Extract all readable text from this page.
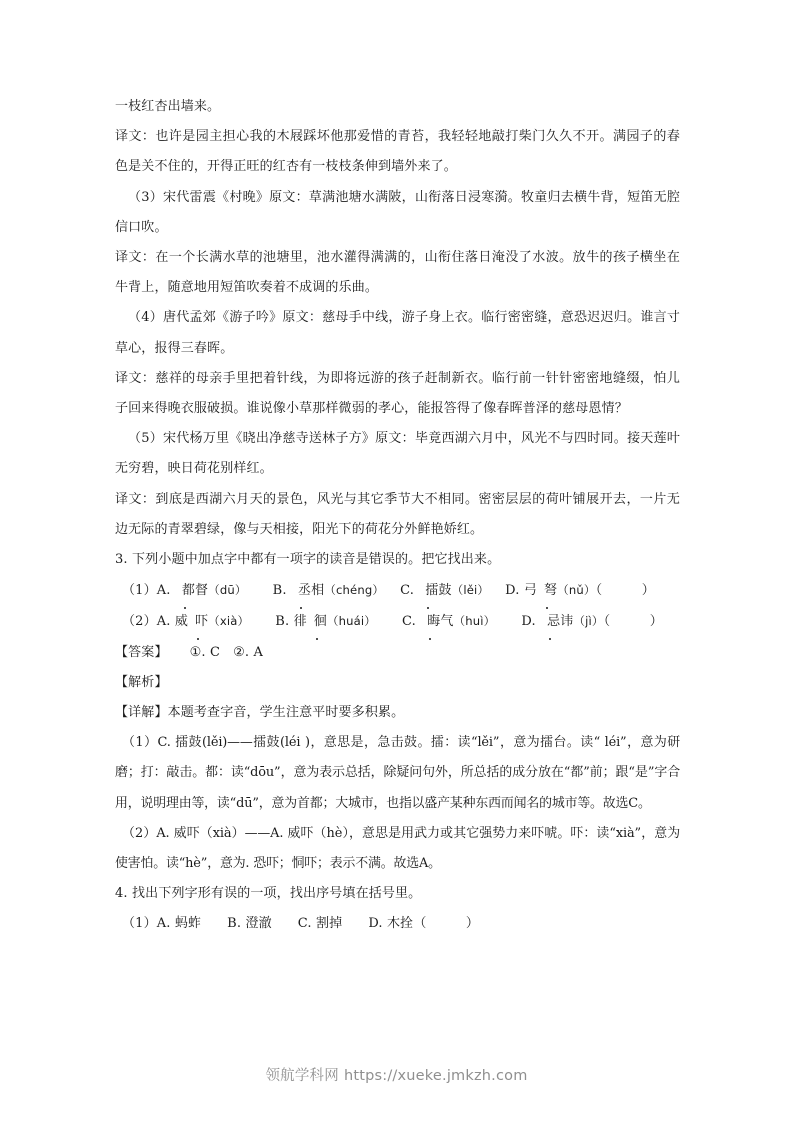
一枝红杏出墙来。

译文：也许是园主担心我的木屐踩坏他那爱惜的青苔，我轻轻地敲打柴门久久不开。满园子的春色是关不住的，开得正旺的红杏有一枝枝条伸到墙外来了。

（3）宋代雷震《村晚》原文：草满池塘水满陂，山衔落日浸寒漪。牧童归去横牛背，短笛无腔信口吹。

译文：在一个长满水草的池塘里，池水灌得满满的，山衔住落日淹没了水波。放牛的孩子横坐在牛背上，随意地用短笛吹奏着不成调的乐曲。

（4）唐代孟郊《游子吟》原文：慈母手中线，游子身上衣。临行密密缝，意恐迟迟归。谁言寸草心，报得三春晖。

译文：慈祥的母亲手里把着针线，为即将远游的孩子赶制新衣。临行前一针针密密地缝缀，怕儿子回来得晚衣服破损。谁说像小草那样微弱的孝心，能报答得了像春晖普泽的慈母恩情？

（5）宋代杨万里《晓出净慈寺送林子方》原文：毕竟西湖六月中，风光不与四时同。接天莲叶无穷碧，映日荷花别样红。

译文：到底是西湖六月天的景色，风光与其它季节大不相同。密密层层的荷叶铺展开去，一片无边无际的青翠碧绿，像与天相接，阳光下的荷花分外鲜艳娇红。

3. 下列小题中加点字中都有一项字的读音是错误的。把它找出来。

（1）A. 都督（dū） B. 丞相（chéng） C. 擂鼓（lěi） D. 弓 弩（nǔ）（　　　）

（2）A. 威 吓（xià） B. 徘 徊（huái） C. 晦气（huì） D. 忌讳（jì）（　　　）

【答案】 ①. C ②. A

【解析】

【详解】本题考查字音，学生注意平时要多积累。

（1）C. 擂鼓(lěi)——擂鼓(léi )，意思是，急击鼓。擂：读“lěi”，意为擂台。读“ léi”，意为研磨；打：敲击。都：读“dōu”，意为表示总括，除疑问句外，所总括的成分放在“都”前；跟“是”字合用，说明理由等，读“dū”，意为首都；大城市，也指以盛产某种东西而闻名的城市等。故选C。

（2）A. 威吓（xià）——A. 威吓（hè），意思是用武力或其它强势力来吓唬。吓：读“xià”，意为使害怕。读“hè”，意为. 恐吓；恫吓；表示不满。故选A。

4. 找出下列字形有误的一项，找出序号填在括号里。

（1）A. 蚂蚱 B. 澄澈 C. 割掉 D. 木拴（　　　）

领航学科网 https://xueke.jmkzh.com
